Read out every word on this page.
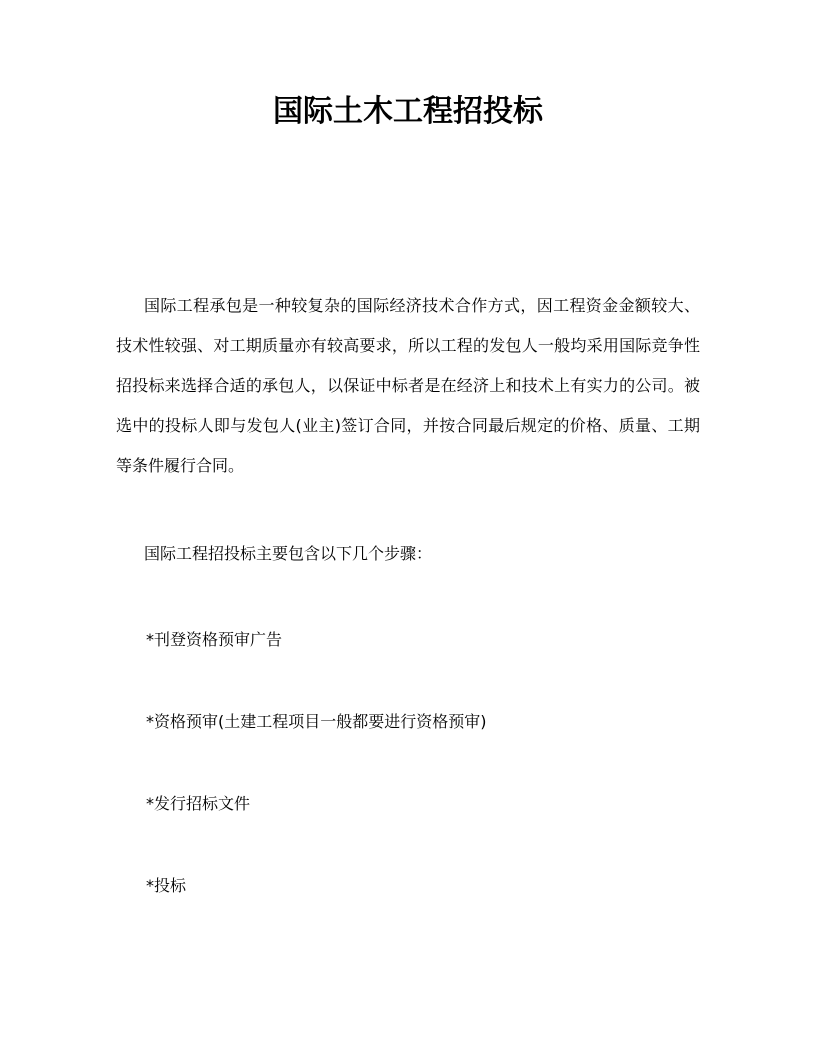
国际土木工程招投标

国际工程承包是一种较复杂的国际经济技术合作方式，因工程资金金额较大、技术性较强、对工期质量亦有较高要求，所以工程的发包人一般均采用国际竞争性招投标来选择合适的承包人，以保证中标者是在经济上和技术上有实力的公司。被选中的投标人即与发包人(业主)签订合同，并按合同最后规定的价格、质量、工期等条件履行合同。

国际工程招投标主要包含以下几个步骤：

*刊登资格预审广告
*资格预审(土建工程项目一般都要进行资格预审)
*发行招标文件
*投标
